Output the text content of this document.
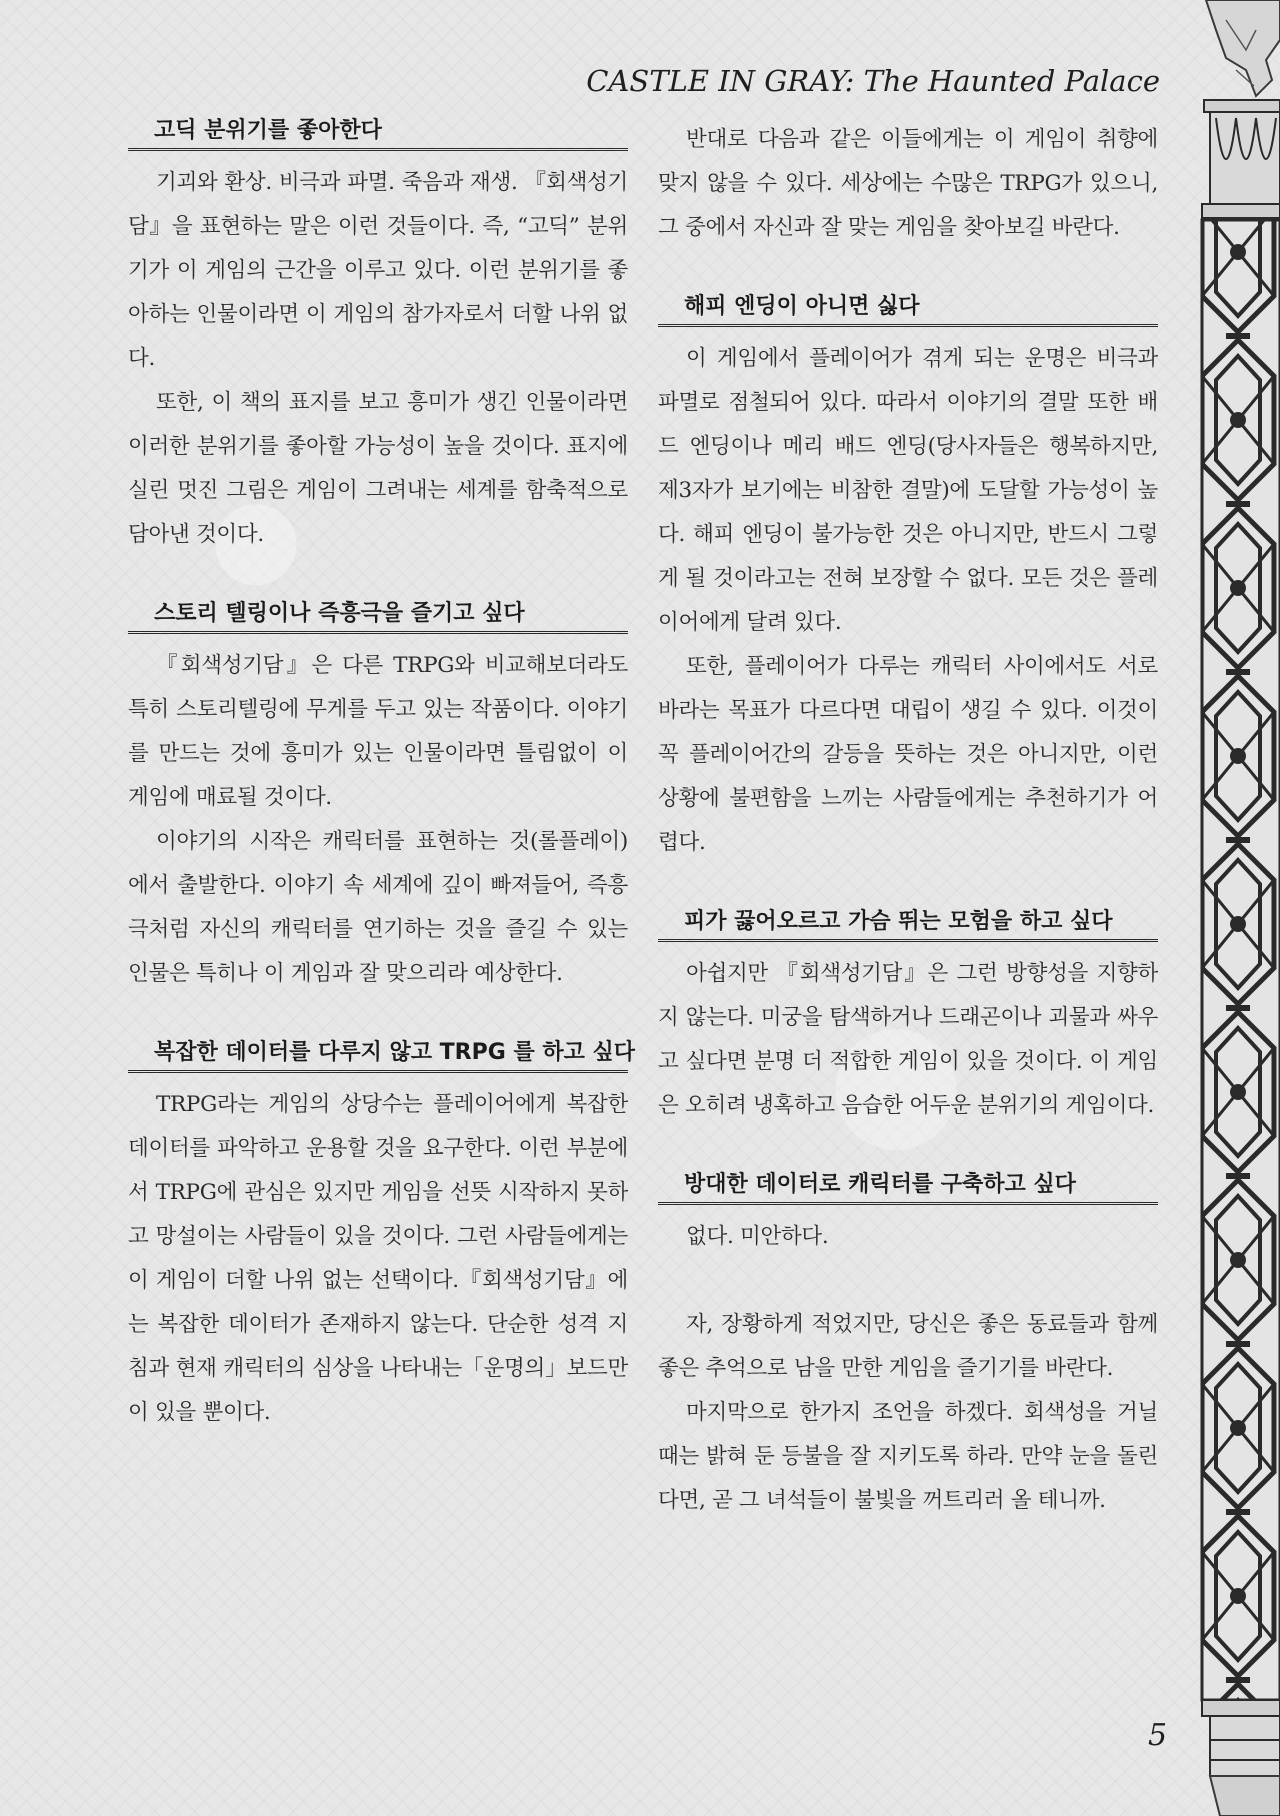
CASTLE IN GRAY: The Haunted Palace
고딕 분위기를 좋아한다

기괴와 환상. 비극과 파멸. 죽음과 재생. 『회색성기담』을 표현하는 말은 이런 것들이다. 즉, “고딕” 분위기가 이 게임의 근간을 이루고 있다. 이런 분위기를 좋아하는 인물이라면 이 게임의 참가자로서 더할 나위 없다.

또한, 이 책의 표지를 보고 흥미가 생긴 인물이라면 이러한 분위기를 좋아할 가능성이 높을 것이다. 표지에 실린 멋진 그림은 게임이 그려내는 세계를 함축적으로 담아낸 것이다.

스토리 텔링이나 즉흥극을 즐기고 싶다

『회색성기담』은 다른 TRPG와 비교해보더라도 특히 스토리텔링에 무게를 두고 있는 작품이다. 이야기를 만드는 것에 흥미가 있는 인물이라면 틀림없이 이 게임에 매료될 것이다.

이야기의 시작은 캐릭터를 표현하는 것(롤플레이)에서 출발한다. 이야기 속 세계에 깊이 빠져들어, 즉흥극처럼 자신의 캐릭터를 연기하는 것을 즐길 수 있는 인물은 특히나 이 게임과 잘 맞으리라 예상한다.

복잡한 데이터를 다루지 않고 TRPG 를 하고 싶다

TRPG라는 게임의 상당수는 플레이어에게 복잡한 데이터를 파악하고 운용할 것을 요구한다. 이런 부분에서 TRPG에 관심은 있지만 게임을 선뜻 시작하지 못하고 망설이는 사람들이 있을 것이다. 그런 사람들에게는 이 게임이 더할 나위 없는 선택이다.『회색성기담』에는 복잡한 데이터가 존재하지 않는다. 단순한 성격 지침과 현재 캐릭터의 심상을 나타내는「운명의」보드만이 있을 뿐이다.

반대로 다음과 같은 이들에게는 이 게임이 취향에 맞지 않을 수 있다. 세상에는 수많은 TRPG가 있으니, 그 중에서 자신과 잘 맞는 게임을 찾아보길 바란다.

해피 엔딩이 아니면 싫다

이 게임에서 플레이어가 겪게 되는 운명은 비극과 파멸로 점철되어 있다. 따라서 이야기의 결말 또한 배드 엔딩이나 메리 배드 엔딩(당사자들은 행복하지만, 제3자가 보기에는 비참한 결말)에 도달할 가능성이 높다. 해피 엔딩이 불가능한 것은 아니지만, 반드시 그렇게 될 것이라고는 전혀 보장할 수 없다. 모든 것은 플레이어에게 달려 있다.

또한, 플레이어가 다루는 캐릭터 사이에서도 서로 바라는 목표가 다르다면 대립이 생길 수 있다. 이것이 꼭 플레이어간의 갈등을 뜻하는 것은 아니지만, 이런 상황에 불편함을 느끼는 사람들에게는 추천하기가 어렵다.

피가 끓어오르고 가슴 뛰는 모험을 하고 싶다

아쉽지만 『회색성기담』은 그런 방향성을 지향하지 않는다. 미궁을 탐색하거나 드래곤이나 괴물과 싸우고 싶다면 분명 더 적합한 게임이 있을 것이다. 이 게임은 오히려 냉혹하고 음습한 어두운 분위기의 게임이다.

방대한 데이터로 캐릭터를 구축하고 싶다

없다. 미안하다.

자, 장황하게 적었지만, 당신은 좋은 동료들과 함께 좋은 추억으로 남을 만한 게임을 즐기기를 바란다.

마지막으로 한가지 조언을 하겠다. 회색성을 거닐 때는 밝혀 둔 등불을 잘 지키도록 하라. 만약 눈을 돌린다면, 곧 그 녀석들이 불빛을 꺼트리러 올 테니까.

5
